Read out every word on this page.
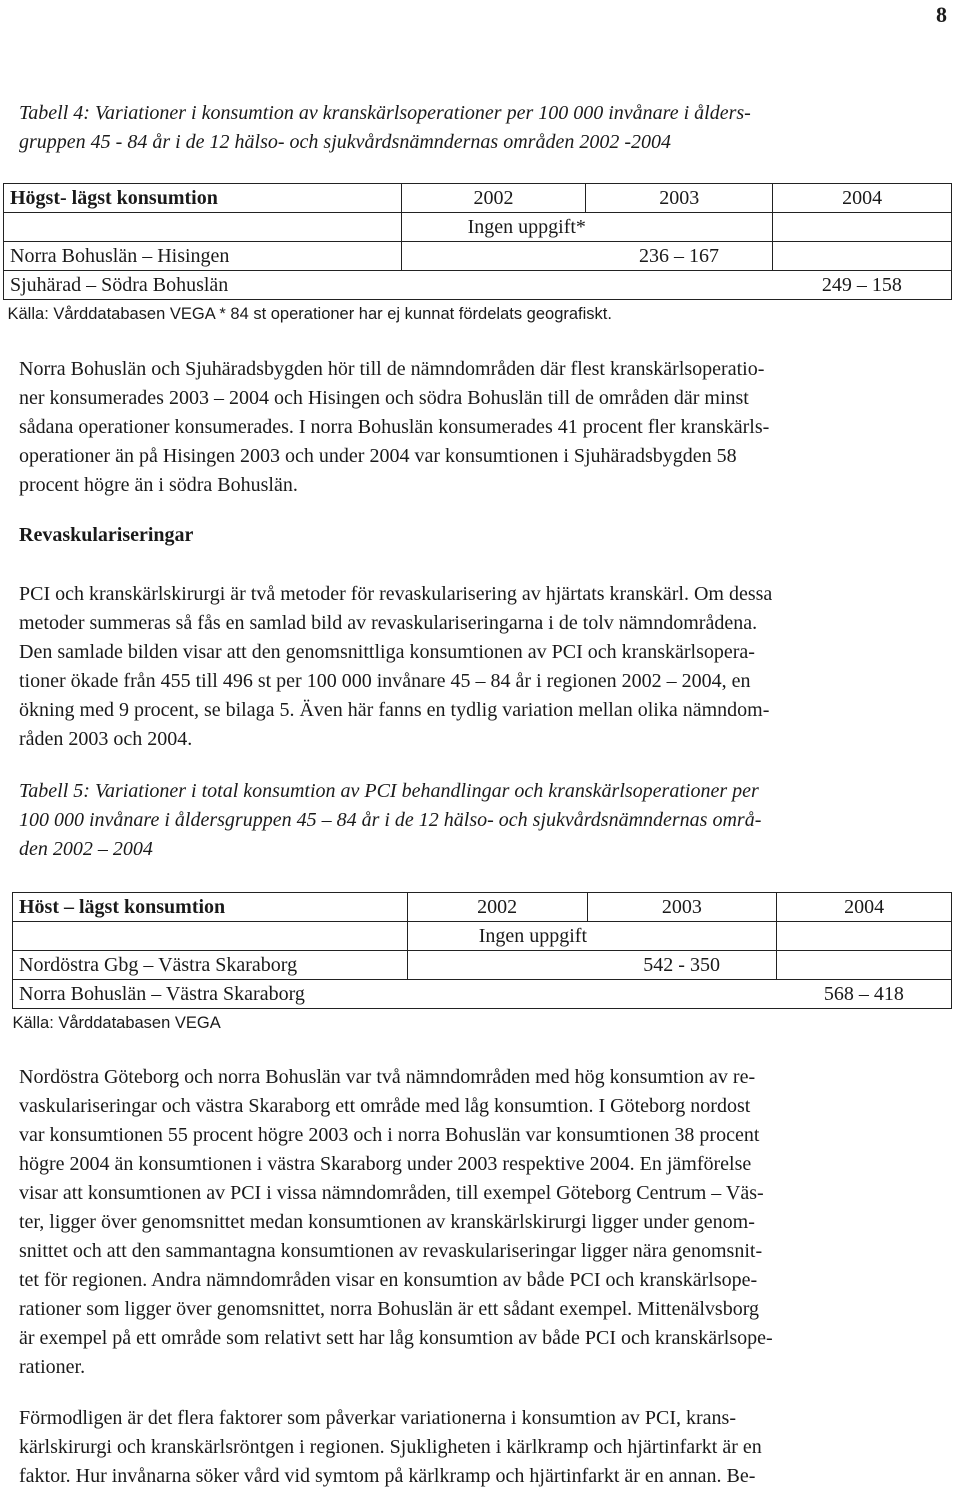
8

Tabell 4: Variationer i konsumtion av kranskärlsoperationer per 100 000 invånare i ålders-

gruppen 45 - 84 år i de 12 hälso- och sjukvårdsnämndernas områden 2002 -2004

Högst- lägst konsumtion	2002	2003	2004
	Ingen uppgift*		
Norra Bohuslän – Hisingen		236 – 167	
Sjuhärad – Södra Bohuslän			249 – 158
Källa: Vårddatabasen VEGA * 84 st operationer har ej kunnat fördelats geografiskt.			

Norra Bohuslän och Sjuhäradsbygden hör till de nämndområden där flest kranskärlsoperatio-

ner konsumerades 2003 – 2004 och Hisingen och södra Bohuslän till de områden där minst

sådana operationer konsumerades. I norra Bohuslän konsumerades 41 procent fler kranskärls-

operationer än på Hisingen 2003 och under 2004 var konsumtionen i Sjuhäradsbygden 58

procent högre än i södra Bohuslän.

Revaskulariseringar

PCI och kranskärlskirurgi är två metoder för revaskularisering av hjärtats kranskärl. Om dessa

metoder summeras så fås en samlad bild av revaskulariseringarna i de tolv nämndområdena.

Den samlade bilden visar att den genomsnittliga konsumtionen av PCI och kranskärlsopera-

tioner ökade från 455 till 496 st per 100 000 invånare 45 – 84 år i regionen 2002 – 2004, en

ökning med 9 procent, se bilaga 5. Även här fanns en tydlig variation mellan olika nämndom-

råden 2003 och 2004.

Tabell 5: Variationer i total konsumtion av PCI behandlingar och kranskärlsoperationer per

100 000 invånare i åldersgruppen 45 – 84 år i de 12 hälso- och sjukvårdsnämndernas områ-

den 2002 – 2004

Höst – lägst konsumtion	2002	2003	2004
	Ingen uppgift		
Nordöstra Gbg – Västra Skaraborg		542 - 350	
Norra Bohuslän – Västra Skaraborg			568 – 418
Källa: Vårddatabasen VEGA			

Nordöstra Göteborg och norra Bohuslän var två nämndområden med hög konsumtion av re-

vaskulariseringar och västra Skaraborg ett område med låg konsumtion. I Göteborg nordost

var konsumtionen 55 procent högre 2003 och i norra Bohuslän var konsumtionen 38 procent

högre 2004 än konsumtionen i västra Skaraborg under 2003 respektive 2004. En jämförelse

visar att konsumtionen av PCI i vissa nämndområden, till exempel Göteborg Centrum – Väs-

ter, ligger över genomsnittet medan konsumtionen av kranskärlskirurgi ligger under genom-

snittet och att den sammantagna konsumtionen av revaskulariseringar ligger nära genomsnit-

tet för regionen. Andra nämndområden visar en konsumtion av både PCI och kranskärlsope-

rationer som ligger över genomsnittet, norra Bohuslän är ett sådant exempel. Mittenälvsborg

är exempel på ett område som relativt sett har låg konsumtion av både PCI och kranskärlsope-

rationer.

Förmodligen är det flera faktorer som påverkar variationerna i konsumtion av PCI, krans-

kärlskirurgi och kranskärlsröntgen i regionen. Sjukligheten i kärlkramp och hjärtinfarkt är en

faktor. Hur invånarna söker vård vid symtom på kärlkramp och hjärtinfarkt är en annan. Be-
